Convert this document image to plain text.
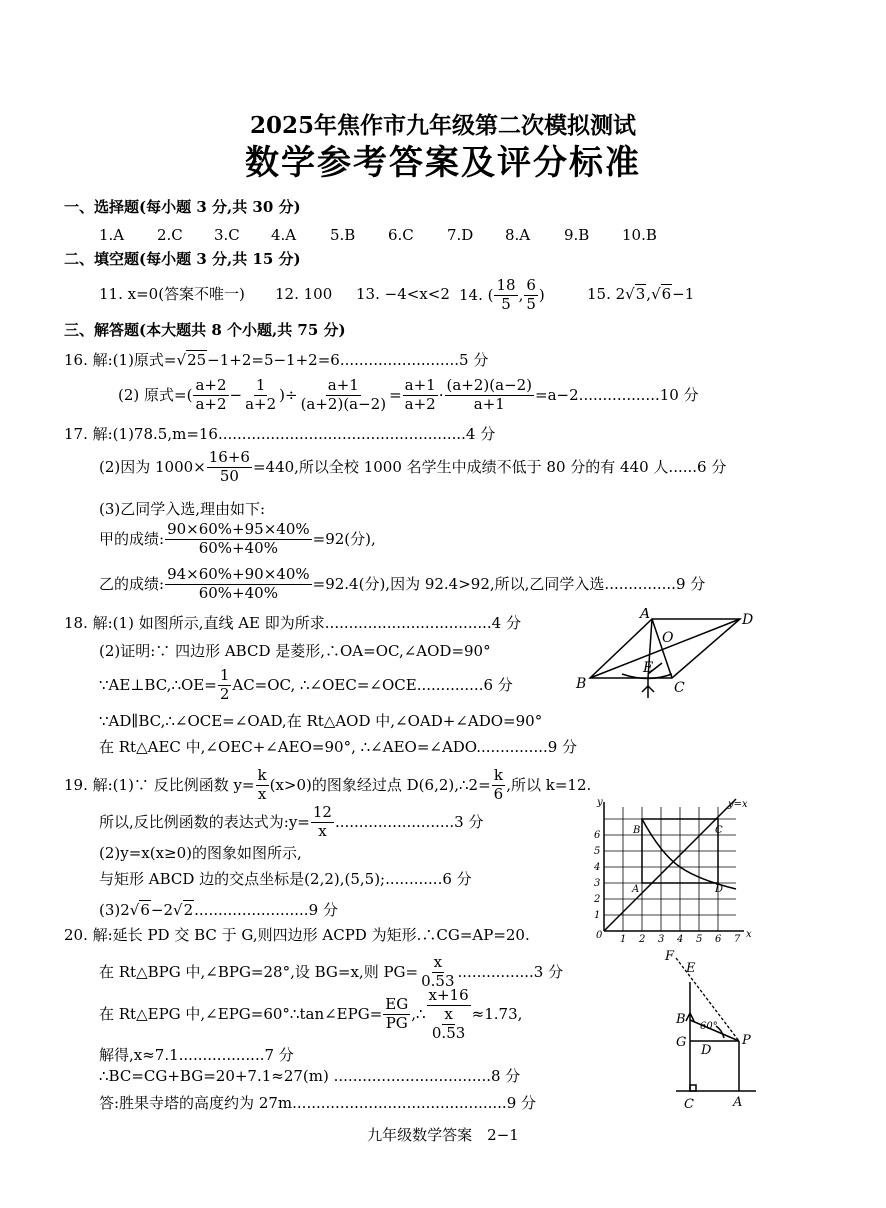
2025年焦作市九年级第二次模拟测试
数学参考答案及评分标准
一、选择题(每小题 3 分,共 30 分)
1.A 2.C 3.C 4.A 5.B 6.C 7.D 8.A 9.B 10.B
二、填空题(每小题 3 分,共 15 分)
11. x=0(答案不唯一) 12. 100 13. −4<x<2 14. ( $\frac{18}{5}$ , $\frac{6}{5}$ )	15. 2√3,√6−1
三、解答题(本大题共 8 个小题,共 75 分)
16. 解:(1)原式=√25−1+2=5−1+2=6.........................5 分
(2) 原式=( $\frac{a+2}{a+2} - \frac{1}{a+2}$ )÷ $\frac{a+1}{(a+2)(a-2)} = \frac{a+1}{a+2} \cdot \frac{(a+2)(a-2)}{a+1} =a-2.................10$ 分
17. 解:(1)78.5,m=16....................................................4 分
(2)因为 $1000\times \frac{16+6}{50} =440$,所以全校 1000 名学生中成绩不低于 80 分的有 440 人......6 分
(3)乙同学入选,理由如下:
甲的成绩: $\frac{90\times 60\%+95\times 40\%}{60\%+40\%} =92$(分),
乙的成绩: $\frac{94\times 60\%+90\times 40\%}{60\%+40\%} =92.4$(分),因为 92.4>92,所以,乙同学入选...............9 分
18. 解:(1) 如图所示,直线 AE 即为所求...................................4 分
(2)证明:∵ 四边形 ABCD 是菱形,∴OA=OC,∠AOD=90°
∵AE⊥BC,∴OE= $\frac{1}{2} AC=OC$, ∴∠OEC=∠OCE..............6 分
∵AD∥BC,∴∠OCE=∠OAD,在 Rt△AOD 中,∠OAD+∠ADO=90°
在 Rt△AEC 中,∠OEC+∠AEO=90°, ∴∠AEO=∠ADO...............9 分
A	D
O
E
B	C
19. 解:(1)∵ 反比例函数 $y= \frac{k}{x} (x>0)$的图象经过点 D(6,2),∴2= $\frac{k}{6}$ ,所以 k=12.
所以,反比例函数的表达式为:y= $\frac{12}{x} .........................3$ 分
(2)y=x(x≥0)的图象如图所示,
与矩形 ABCD 边的交点坐标是(2,2),(5,5);............6 分
(3)2√6−2√2........................9 分
y
x
y=x
0 1 2 3 4 5 6 7
1
2
3
4
5
6
A
B	C
D
20. 解:延长 PD 交 BC 于 G,则四边形 ACPD 为矩形.∴CG=AP=20.
在 Rt△BPG 中,∠BPG=28°,设 BG=x,则 $PG= \frac{x}{0.53} ................3$ 分
在 Rt△EPG 中,∠EPG=60°∴tan∠EPG= $\frac{EG}{PG}$ ,∴ $\frac{x+16}{\frac{x}{0.53}} \approx 1.73$,
解得,x≈7.1..................7 分
∴BC=CG+BG=20+7.1≈27(m) .................................8 分
答:胜果寺塔的高度约为 27m.............................................9 分
F
E
B 60°
G
D
P
C	A
九年级数学答案　2−1
